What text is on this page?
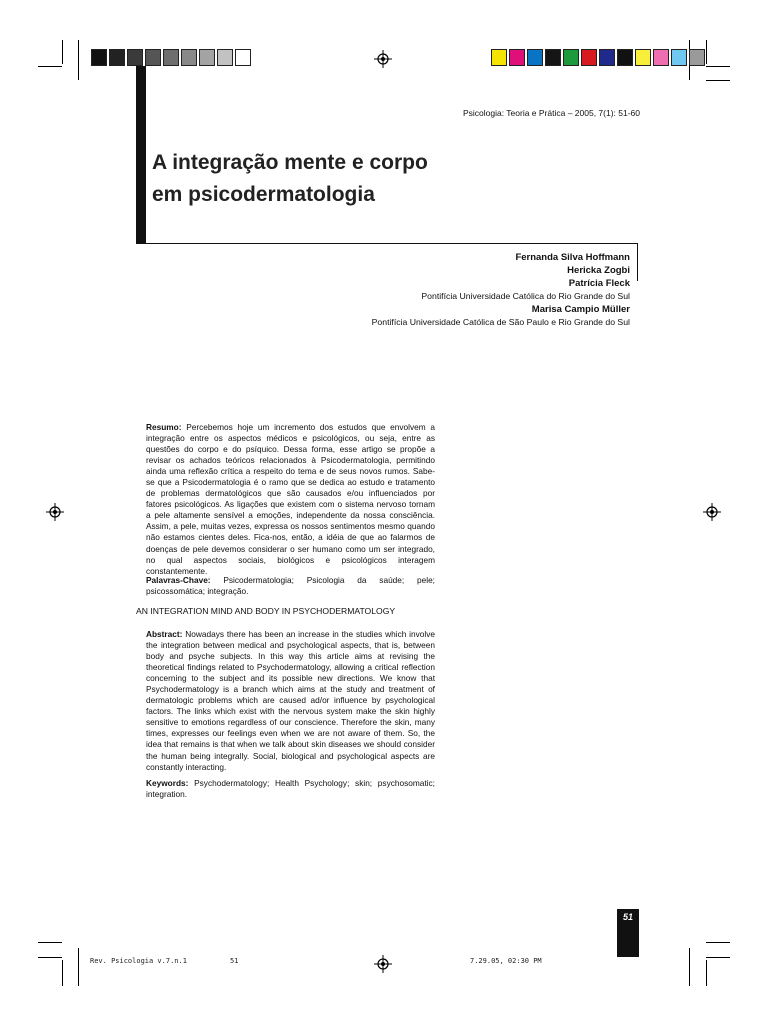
Psicologia: Teoria e Prática – 2005, 7(1): 51-60
A integração mente e corpo
em psicodermatologia
Fernanda Silva Hoffmann
Hericka Zogbi
Patrícia Fleck
Pontifícia Universidade Católica do Rio Grande do Sul
Marisa Campio Müller
Pontifícia Universidade Católica de São Paulo e Rio Grande do Sul
Resumo: Percebemos hoje um incremento dos estudos que envolvem a integração entre os aspectos médicos e psicológicos, ou seja, entre as questões do corpo e do psíquico. Dessa forma, esse artigo se propõe a revisar os achados teóricos relacionados à Psicodermatologia, permitindo ainda uma reflexão crítica a respeito do tema e de seus novos rumos. Sabe-se que a Psicodermatologia é o ramo que se dedica ao estudo e tratamento de problemas dermatológicos que são causados e/ou influenciados por fatores psicológicos. As ligações que existem com o sistema nervoso tornam a pele altamente sensível a emoções, independente da nossa consciência. Assim, a pele, muitas vezes, expressa os nossos sentimentos mesmo quando não estamos cientes deles. Fica-nos, então, a idéia de que ao falarmos de doenças de pele devemos considerar o ser humano como um ser integrado, no qual aspectos sociais, biológicos e psicológicos interagem constantemente.
Palavras-Chave: Psicodermatologia; Psicologia da saúde; pele; psicossomática; integração.
AN INTEGRATION MIND AND BODY IN PSYCHODERMATOLOGY
Abstract: Nowadays there has been an increase in the studies which involve the integration between medical and psychological aspects, that is, between body and psyche subjects. In this way this article aims at revising the theoretical findings related to Psychodermatology, allowing a critical reflection concerning to the subject and its possible new directions. We know that Psychodermatology is a branch which aims at the study and treatment of dermatologic problems which are caused ad/or influence by psychological factors. The links which exist with the nervous system make the skin highly sensitive to emotions regardless of our conscience. Therefore the skin, many times, expresses our feelings even when we are not aware of them. So, the idea that remains is that when we talk about skin diseases we should consider the human being integrally. Social, biological and psychological aspects are constantly interacting.
Keywords: Psychodermatology; Health Psychology; skin; psychosomatic; integration.
51
Rev. Psicologia v.7.n.1	51	7.29.05, 02:30 PM
